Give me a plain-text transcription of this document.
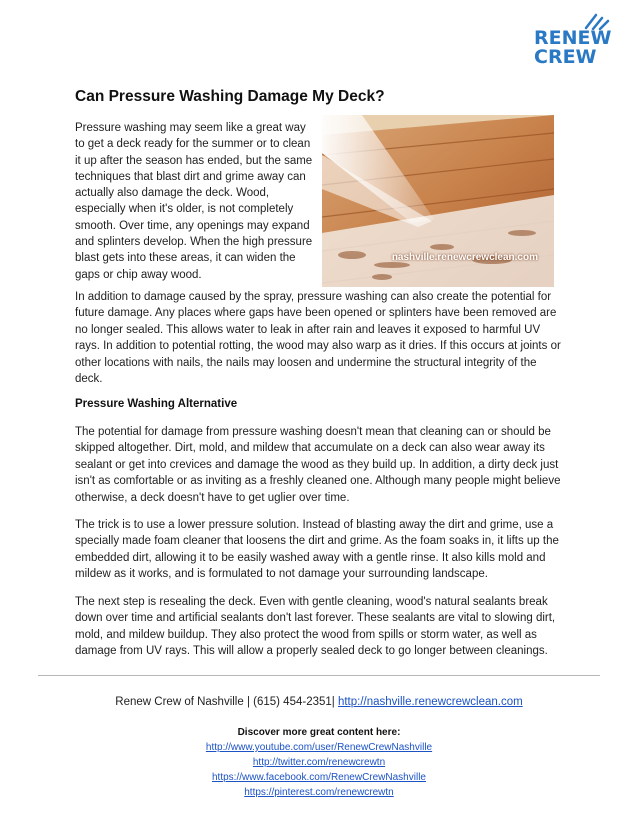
RENEW
CREW
Can Pressure Washing Damage My Deck?

Pressure washing may seem like a great way to get a deck ready for the summer or to clean it up after the season has ended, but the same techniques that blast dirt and grime away can actually also damage the deck. Wood, especially when it's older, is not completely smooth. Over time, any openings may expand and splinters develop. When the high pressure blast gets into these areas, it can widen the gaps or chip away wood.

nashville.renewcrewclean.com

In addition to damage caused by the spray, pressure washing can also create the potential for future damage. Any places where gaps have been opened or splinters have been removed are no longer sealed. This allows water to leak in after rain and leaves it exposed to harmful UV rays. In addition to potential rotting, the wood may also warp as it dries. If this occurs at joints or other locations with nails, the nails may loosen and undermine the structural integrity of the deck.

Pressure Washing Alternative

The potential for damage from pressure washing doesn't mean that cleaning can or should be skipped altogether. Dirt, mold, and mildew that accumulate on a deck can also wear away its sealant or get into crevices and damage the wood as they build up. In addition, a dirty deck just isn't as comfortable or as inviting as a freshly cleaned one. Although many people might believe otherwise, a deck doesn't have to get uglier over time.

The trick is to use a lower pressure solution. Instead of blasting away the dirt and grime, use a specially made foam cleaner that loosens the dirt and grime. As the foam soaks in, it lifts up the embedded dirt, allowing it to be easily washed away with a gentle rinse. It also kills mold and mildew as it works, and is formulated to not damage your surrounding landscape.

The next step is resealing the deck. Even with gentle cleaning, wood's natural sealants break down over time and artificial sealants don't last forever. These sealants are vital to slowing dirt, mold, and mildew buildup. They also protect the wood from spills or storm water, as well as damage from UV rays. This will allow a properly sealed deck to go longer between cleanings.

Renew Crew of Nashville | (615) 454-2351| http://nashville.renewcrewclean.com
Discover more great content here:
http://www.youtube.com/user/RenewCrewNashville
http://twitter.com/renewcrewtn
https://www.facebook.com/RenewCrewNashville
https://pinterest.com/renewcrewtn
